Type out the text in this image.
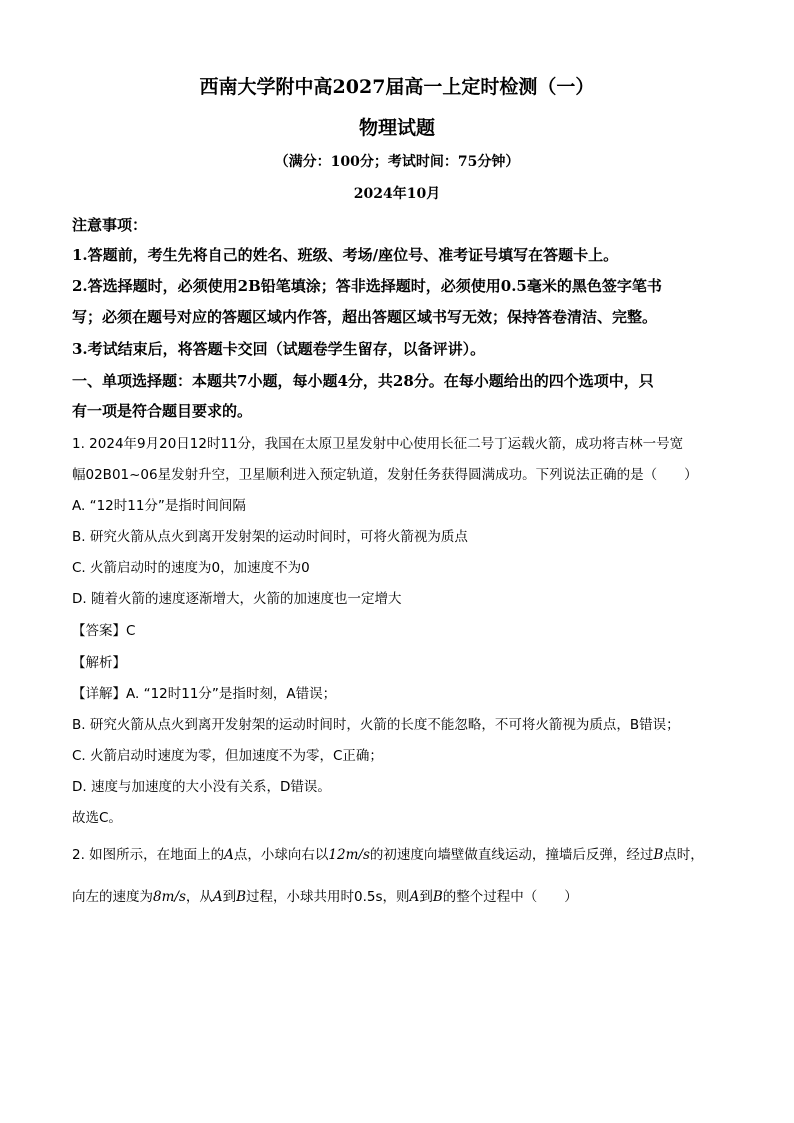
西南大学附中高2027届高一上定时检测（一）
物理试题
（满分：100分；考试时间：75分钟）
2024年10月
注意事项：
1.答题前，考生先将自己的姓名、班级、考场/座位号、准考证号填写在答题卡上。
2.答选择题时，必须使用2B铅笔填涂；答非选择题时，必须使用0.5毫米的黑色签字笔书
写；必须在题号对应的答题区域内作答，超出答题区域书写无效；保持答卷清洁、完整。
3.考试结束后，将答题卡交回（试题卷学生留存，以备评讲）。
一、单项选择题：本题共7小题，每小题4分，共28分。在每小题给出的四个选项中，只
有一项是符合题目要求的。
1. 2024年9月20日12时11分，我国在太原卫星发射中心使用长征二号丁运载火箭，成功将吉林一号宽
幅02B01~06星发射升空，卫星顺利进入预定轨道，发射任务获得圆满成功。下列说法正确的是（　　）
A. “12时11分”是指时间间隔
B. 研究火箭从点火到离开发射架的运动时间时，可将火箭视为质点
C. 火箭启动时的速度为0，加速度不为0
D. 随着火箭的速度逐渐增大，火箭的加速度也一定增大
【答案】C
【解析】
【详解】A. “12时11分”是指时刻，A错误；
B. 研究火箭从点火到离开发射架的运动时间时，火箭的长度不能忽略，不可将火箭视为质点，B错误；
C. 火箭启动时速度为零，但加速度不为零，C正确；
D. 速度与加速度的大小没有关系，D错误。
故选C。
2. 如图所示，在地面上的A点，小球向右以12m/s的初速度向墙壁做直线运动，撞墙后反弹，经过B点时，
向左的速度为8m/s，从A到B过程，小球共用时0.5s，则A到B的整个过程中（　　）
